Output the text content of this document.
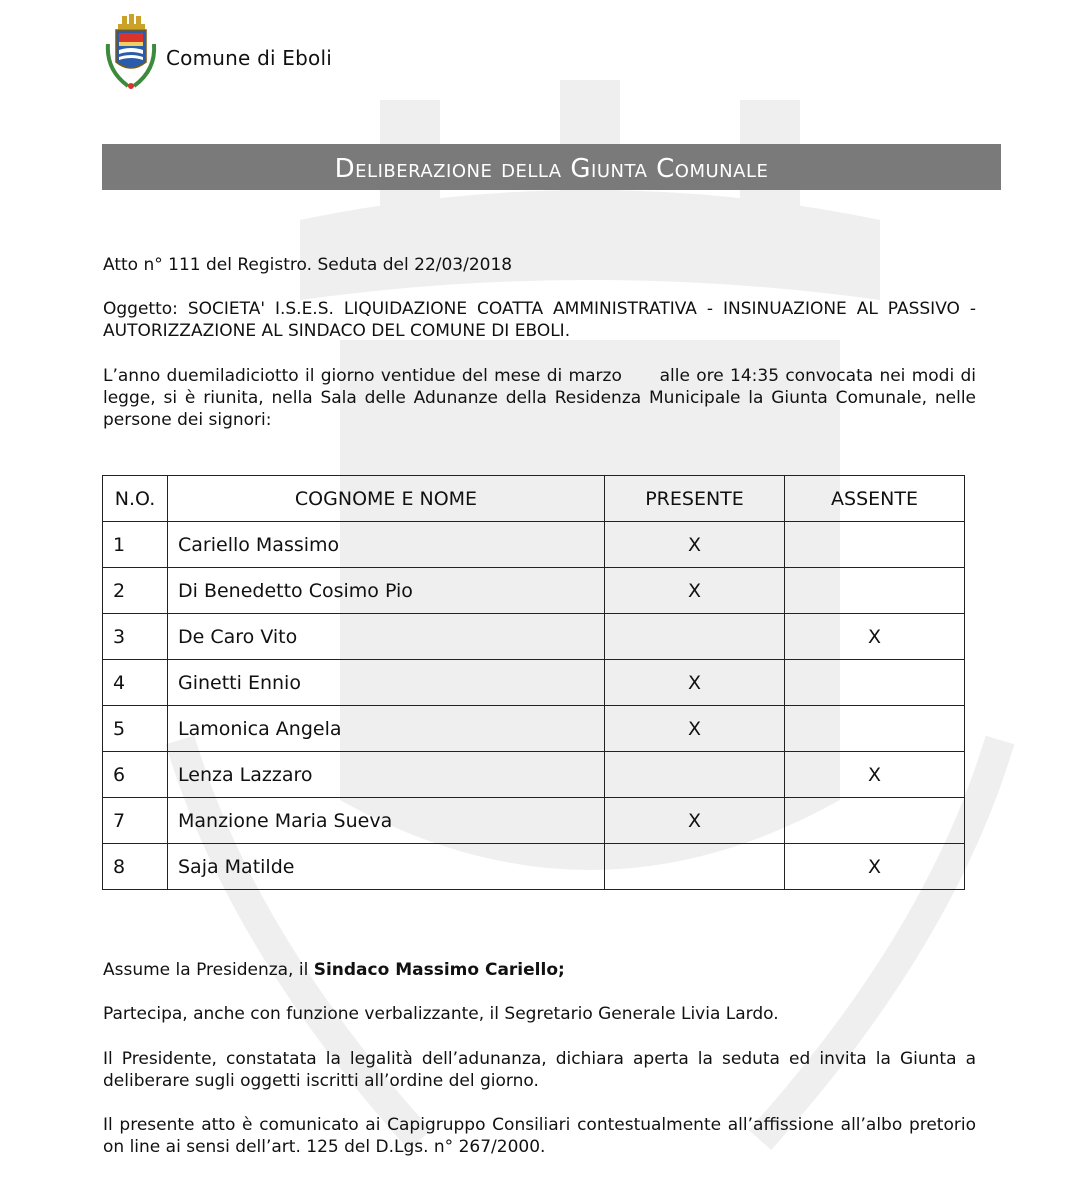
Comune di Eboli
Deliberazione della Giunta Comunale
Atto n° 111 del Registro. Seduta del 22/03/2018
Oggetto: SOCIETA' I.S.E.S. LIQUIDAZIONE COATTA AMMINISTRATIVA - INSINUAZIONE AL PASSIVO - AUTORIZZAZIONE AL SINDACO DEL COMUNE DI EBOLI.
L’anno duemiladiciotto il giorno ventidue del mese di marzo      alle ore 14:35 convocata nei modi di legge, si è riunita, nella Sala delle Adunanze della Residenza Municipale la Giunta Comunale, nelle persone dei signori:
N.O.	COGNOME E NOME	PRESENTE	ASSENTE
1	Cariello Massimo	X	
2	Di Benedetto Cosimo Pio	X	
3	De Caro Vito		X
4	Ginetti Ennio	X	
5	Lamonica Angela	X	
6	Lenza Lazzaro		X
7	Manzione Maria Sueva	X	
8	Saja Matilde		X
Assume la Presidenza, il Sindaco Massimo Cariello;
Partecipa, anche con funzione verbalizzante, il Segretario Generale Livia Lardo.
Il Presidente, constatata la legalità dell’adunanza, dichiara aperta la seduta ed invita la Giunta a deliberare sugli oggetti iscritti all’ordine del giorno.
Il presente atto è comunicato ai Capigruppo Consiliari contestualmente all’affissione all’albo pretorio on line ai sensi dell’art. 125 del D.Lgs. n° 267/2000.
